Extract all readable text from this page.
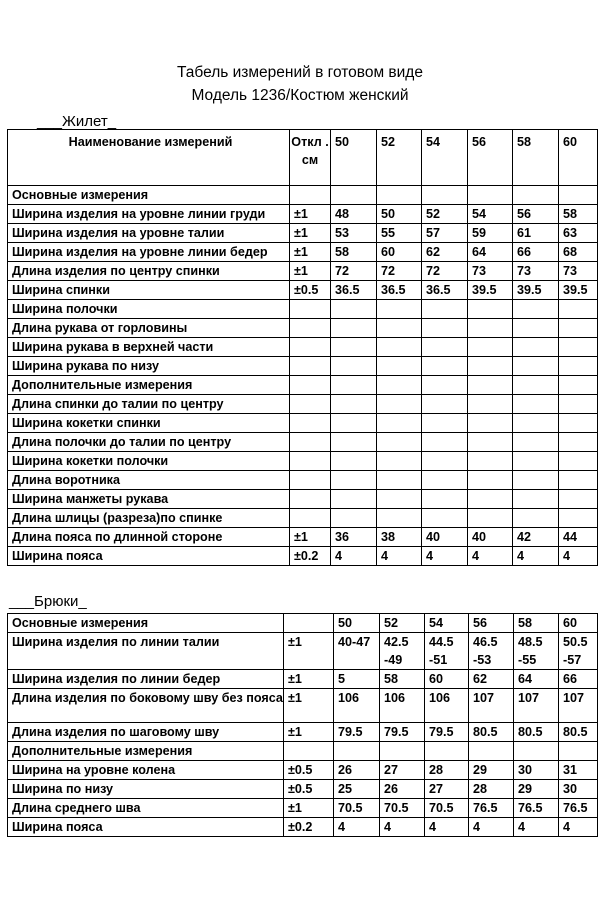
Табель измерений в готовом виде
Модель 1236/Костюм женский
___Жилет_
Наименование измерений	Откл . см	50	52	54	56	58	60
Основные измерения							
Ширина изделия на уровне линии груди	±1	48	50	52	54	56	58
Ширина изделия на уровне талии	±1	53	55	57	59	61	63
Ширина изделия на уровне линии бедер	±1	58	60	62	64	66	68
Длина изделия по центру спинки	±1	72	72	72	73	73	73
Ширина спинки	±0.5	36.5	36.5	36.5	39.5	39.5	39.5
Ширина полочки							
Длина рукава от горловины							
Ширина рукава в верхней части							
Ширина рукава по низу							
Дополнительные измерения							
Длина спинки до талии по центру							
Ширина кокетки спинки							
Длина полочки до талии по центру							
Ширина кокетки полочки							
Длина воротника							
Ширина манжеты рукава							
Длина шлицы (разреза)по спинке							
Длина пояса по длинной стороне	±1	36	38	40	40	42	44
Ширина пояса	±0.2	4	4	4	4	4	4
___Брюки_
Основные измерения		50	52	54	56	58	60
Ширина изделия по линии талии	±1	40-47	42.5 -49	44.5 -51	46.5 -53	48.5 -55	50.5 -57
Ширина изделия по линии бедер	±1	5	58	60	62	64	66
Длина изделия по боковому шву без пояса	±1	106	106	106	107	107	107
Длина изделия по шаговому шву	±1	79.5	79.5	79.5	80.5	80.5	80.5
Дополнительные измерения							
Ширина на уровне колена	±0.5	26	27	28	29	30	31
Ширина по низу	±0.5	25	26	27	28	29	30
Длина среднего шва	±1	70.5	70.5	70.5	76.5	76.5	76.5
Ширина пояса	±0.2	4	4	4	4	4	4
